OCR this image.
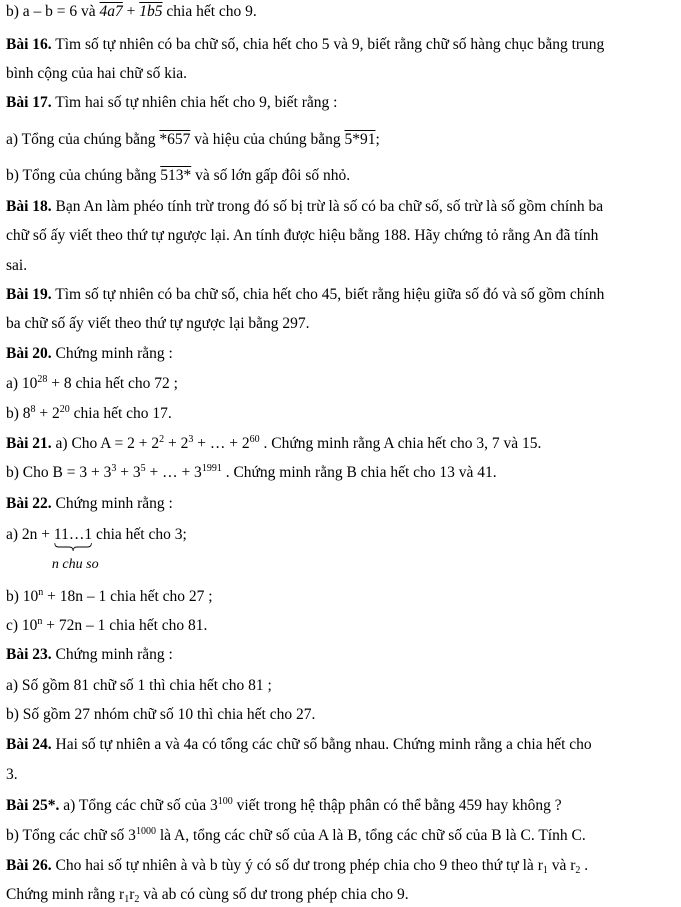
b) a – b = 6 và 4a7 + 1b5 chia hết cho 9.
Bài 16. Tìm số tự nhiên có ba chữ số, chia hết cho 5 và 9, biết rằng chữ số hàng chục bằng trung
bình cộng của hai chữ số kia.
Bài 17. Tìm hai số tự nhiên chia hết cho 9, biết rằng :
a) Tổng của chúng bằng *657 và hiệu của chúng bằng 5*91;
b) Tổng của chúng bằng 513* và số lớn gấp đôi số nhỏ.
Bài 18. Bạn An làm phéo tính trừ trong đó số bị trừ là số có ba chữ số, số trừ là số gồm chính ba
chữ số ấy viết theo thứ tự ngược lại. An tính được hiệu bằng 188. Hãy chứng tỏ rằng An đã tính
sai.
Bài 19. Tìm số tự nhiên có ba chữ số, chia hết cho 45, biết rằng hiệu giữa số đó và số gồm chính
ba chữ số ấy viết theo thứ tự ngược lại bằng 297.
Bài 20. Chứng minh rằng :
a) $10^{28} + 8$ chia hết cho 72 ;
b) $8^8 + 2^{20}$ chia hết cho 17.
Bài 21. a) Cho $A = 2 + 2^2 + 2^3$ + … + $2^{60}$ . Chứng minh rằng A chia hết cho 3, 7 và 15.
b) Cho $B = 3 + 3^3 + 3^5$ + … + $3^{1991}$ . Chứng minh rằng B chia hết cho 13 và 41.
Bài 22. Chứng minh rằng :
a) 2n + 11…1
n chu so
chia hết cho 3;
b) $10^n + 18n - 1$ chia hết cho 27 ;
c) $10^n + 72n - 1$ chia hết cho 81.
Bài 23. Chứng minh rằng :
a) Số gồm 81 chữ số 1 thì chia hết cho 81 ;
b) Số gồm 27 nhóm chữ số 10 thì chia hết cho 27.
Bài 24. Hai số tự nhiên a và 4a có tổng các chữ số bằng nhau. Chứng minh rằng a chia hết cho
3.
Bài 25*. a) Tổng các chữ số của $3^{100}$ viết trong hệ thập phân có thể bằng 459 hay không ?
b) Tổng các chữ số $3^{1000}$ là A, tổng các chữ số của A là B, tổng các chữ số của B là C. Tính C.
Bài 26. Cho hai số tự nhiên à và b tùy ý có số dư trong phép chia cho 9 theo thứ tự là $r_1$ và $r_2$ .
Chứng minh rằng $r_1r_2$ và ab có cùng số dư trong phép chia cho 9.
